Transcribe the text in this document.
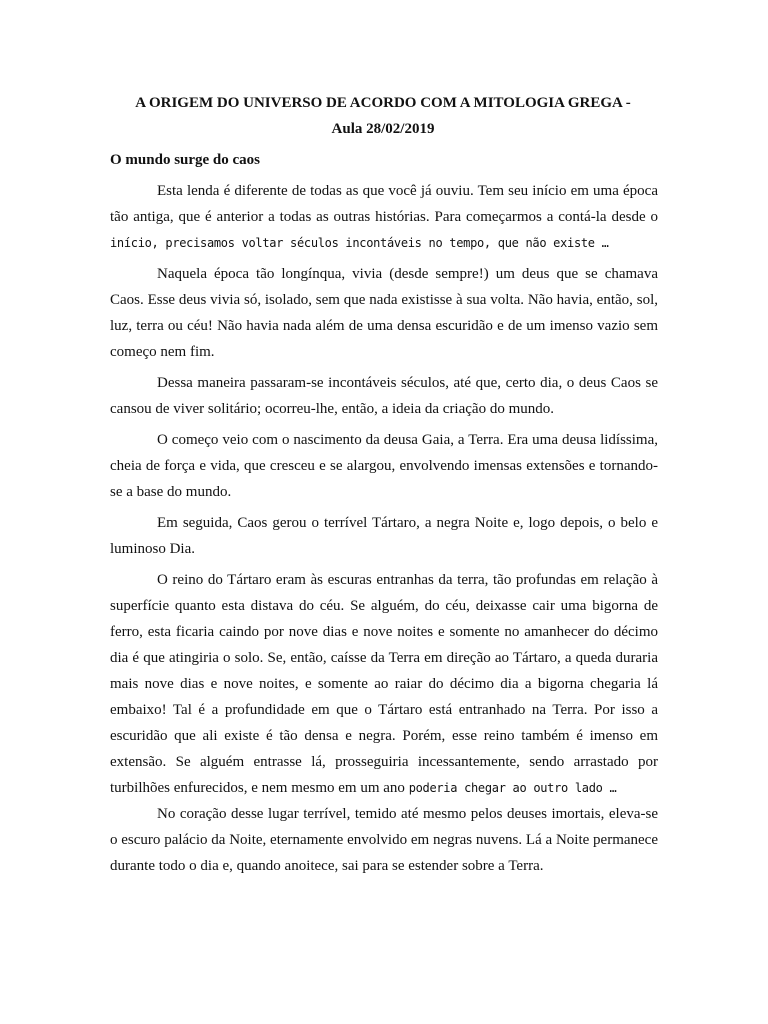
A ORIGEM DO UNIVERSO DE ACORDO COM A MITOLOGIA GREGA -
Aula 28/02/2019
O mundo surge do caos

Esta lenda é diferente de todas as que você já ouviu. Tem seu início em uma época tão antiga, que é anterior a todas as outras histórias. Para começarmos a contá-la desde o início, precisamos voltar séculos incontáveis no tempo, que não existe …

Naquela época tão longínqua, vivia (desde sempre!) um deus que se chamava Caos. Esse deus vivia só, isolado, sem que nada existisse à sua volta. Não havia, então, sol, luz, terra ou céu! Não havia nada além de uma densa escuridão e de um imenso vazio sem começo nem fim.

Dessa maneira passaram-se incontáveis séculos, até que, certo dia, o deus Caos se cansou de viver solitário; ocorreu-lhe, então, a ideia da criação do mundo.

O começo veio com o nascimento da deusa Gaia, a Terra. Era uma deusa lidíssima, cheia de força e vida, que cresceu e se alargou, envolvendo imensas extensões e tornando-se a base do mundo.

Em seguida, Caos gerou o terrível Tártaro, a negra Noite e, logo depois, o belo e luminoso Dia.

O reino do Tártaro eram às escuras entranhas da terra, tão profundas em relação à superfície quanto esta distava do céu. Se alguém, do céu, deixasse cair uma bigorna de ferro, esta ficaria caindo por nove dias e nove noites e somente no amanhecer do décimo dia é que atingiria o solo. Se, então, caísse da Terra em direção ao Tártaro, a queda duraria mais nove dias e nove noites, e somente ao raiar do décimo dia a bigorna chegaria lá embaixo! Tal é a profundidade em que o Tártaro está entranhado na Terra. Por isso a escuridão que ali existe é tão densa e negra. Porém, esse reino também é imenso em extensão. Se alguém entrasse lá, prosseguiria incessantemente, sendo arrastado por turbilhões enfurecidos, e nem mesmo em um ano poderia chegar ao outro lado …

No coração desse lugar terrível, temido até mesmo pelos deuses imortais, eleva-se o escuro palácio da Noite, eternamente envolvido em negras nuvens. Lá a Noite permanece durante todo o dia e, quando anoitece, sai para se estender sobre a Terra.
